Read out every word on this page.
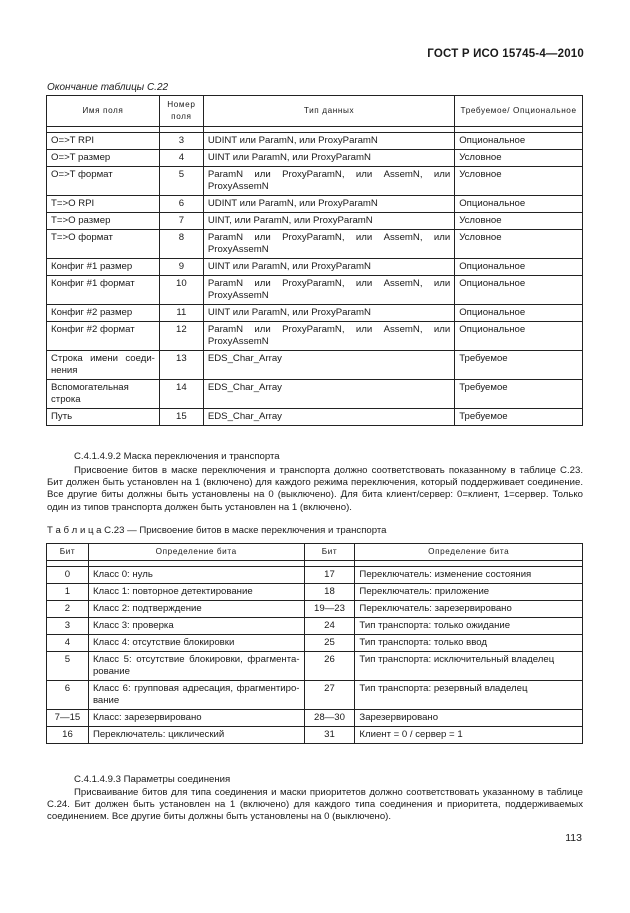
ГОСТ Р ИСО 15745-4—2010
Окончание таблицы С.22
Имя поля	Номер поля	Тип данных	Требуемое/ Опциональное

O=>T RPI	3	UDINT или ParamN, или ProxyParamN	Опциональное
O=>T размер	4	UINT или ParamN, или ProxyParamN	Условное
O=>T формат	5	ParamN или ProxyParamN, или AssemN, или ProxyAssemN	Условное
T=>O RPI	6	UDINT или ParamN, или ProxyParamN	Опциональное
T=>O размер	7	UINT, или ParamN, или ProxyParamN	Условное
T=>O формат	8	ParamN или ProxyParamN, или AssemN, или ProxyAssemN	Условное
Конфиг #1 размер	9	UINT или ParamN, или ProxyParamN	Опциональное
Конфиг #1 формат	10	ParamN или ProxyParamN, или AssemN, или ProxyAssemN	Опциональное
Конфиг #2 размер	11	UINT или ParamN, или ProxyParamN	Опциональное
Конфиг #2 формат	12	ParamN или ProxyParamN, или AssemN, или ProxyAssemN	Опциональное
Строка имени соеди-нения	13	EDS_Char_Array	Требуемое
Вспомогательная строка	14	EDS_Char_Array	Требуемое
Путь	15	EDS_Char_Array	Требуемое
С.4.1.4.9.2 Маска переключения и транспорта
Присвоение битов в маске переключения и транспорта должно соответствовать показанному в таблице С.23. Бит должен быть установлен на 1 (включено) для каждого режима переключения, который поддерживает соединение. Все другие биты должны быть установлены на 0 (выключено). Для бита клиент/сервер: 0=клиент, 1=сервер. Только один из типов транспорта должен быть установлен на 1 (включено).
Т а б л и ц а С.23 — Присвоение битов в маске переключения и транспорта
Бит	Определение бита	Бит	Определение бита

0	Класс 0: нуль	17	Переключатель: изменение состояния
1	Класс 1: повторное детектирование	18	Переключатель: приложение
2	Класс 2: подтверждение	19—23	Переключатель: зарезервировано
3	Класс 3: проверка	24	Тип транспорта: только ожидание
4	Класс 4: отсутствие блокировки	25	Тип транспорта: только ввод
5	Класс 5: отсутствие блокировки, фрагмента-рование	26	Тип транспорта: исключительный владелец
6	Класс 6: групповая адресация, фрагментиро-вание	27	Тип транспорта: резервный владелец
7—15	Класс: зарезервировано	28—30	Зарезервировано
16	Переключатель: циклический	31	Клиент = 0 / сервер = 1
С.4.1.4.9.3 Параметры соединения
Присваивание битов для типа соединения и маски приоритетов должно соответствовать указанному в таблице С.24. Бит должен быть установлен на 1 (включено) для каждого типа соединения и приоритета, поддерживаемых соединением. Все другие биты должны быть установлены на 0 (выключено).
113
